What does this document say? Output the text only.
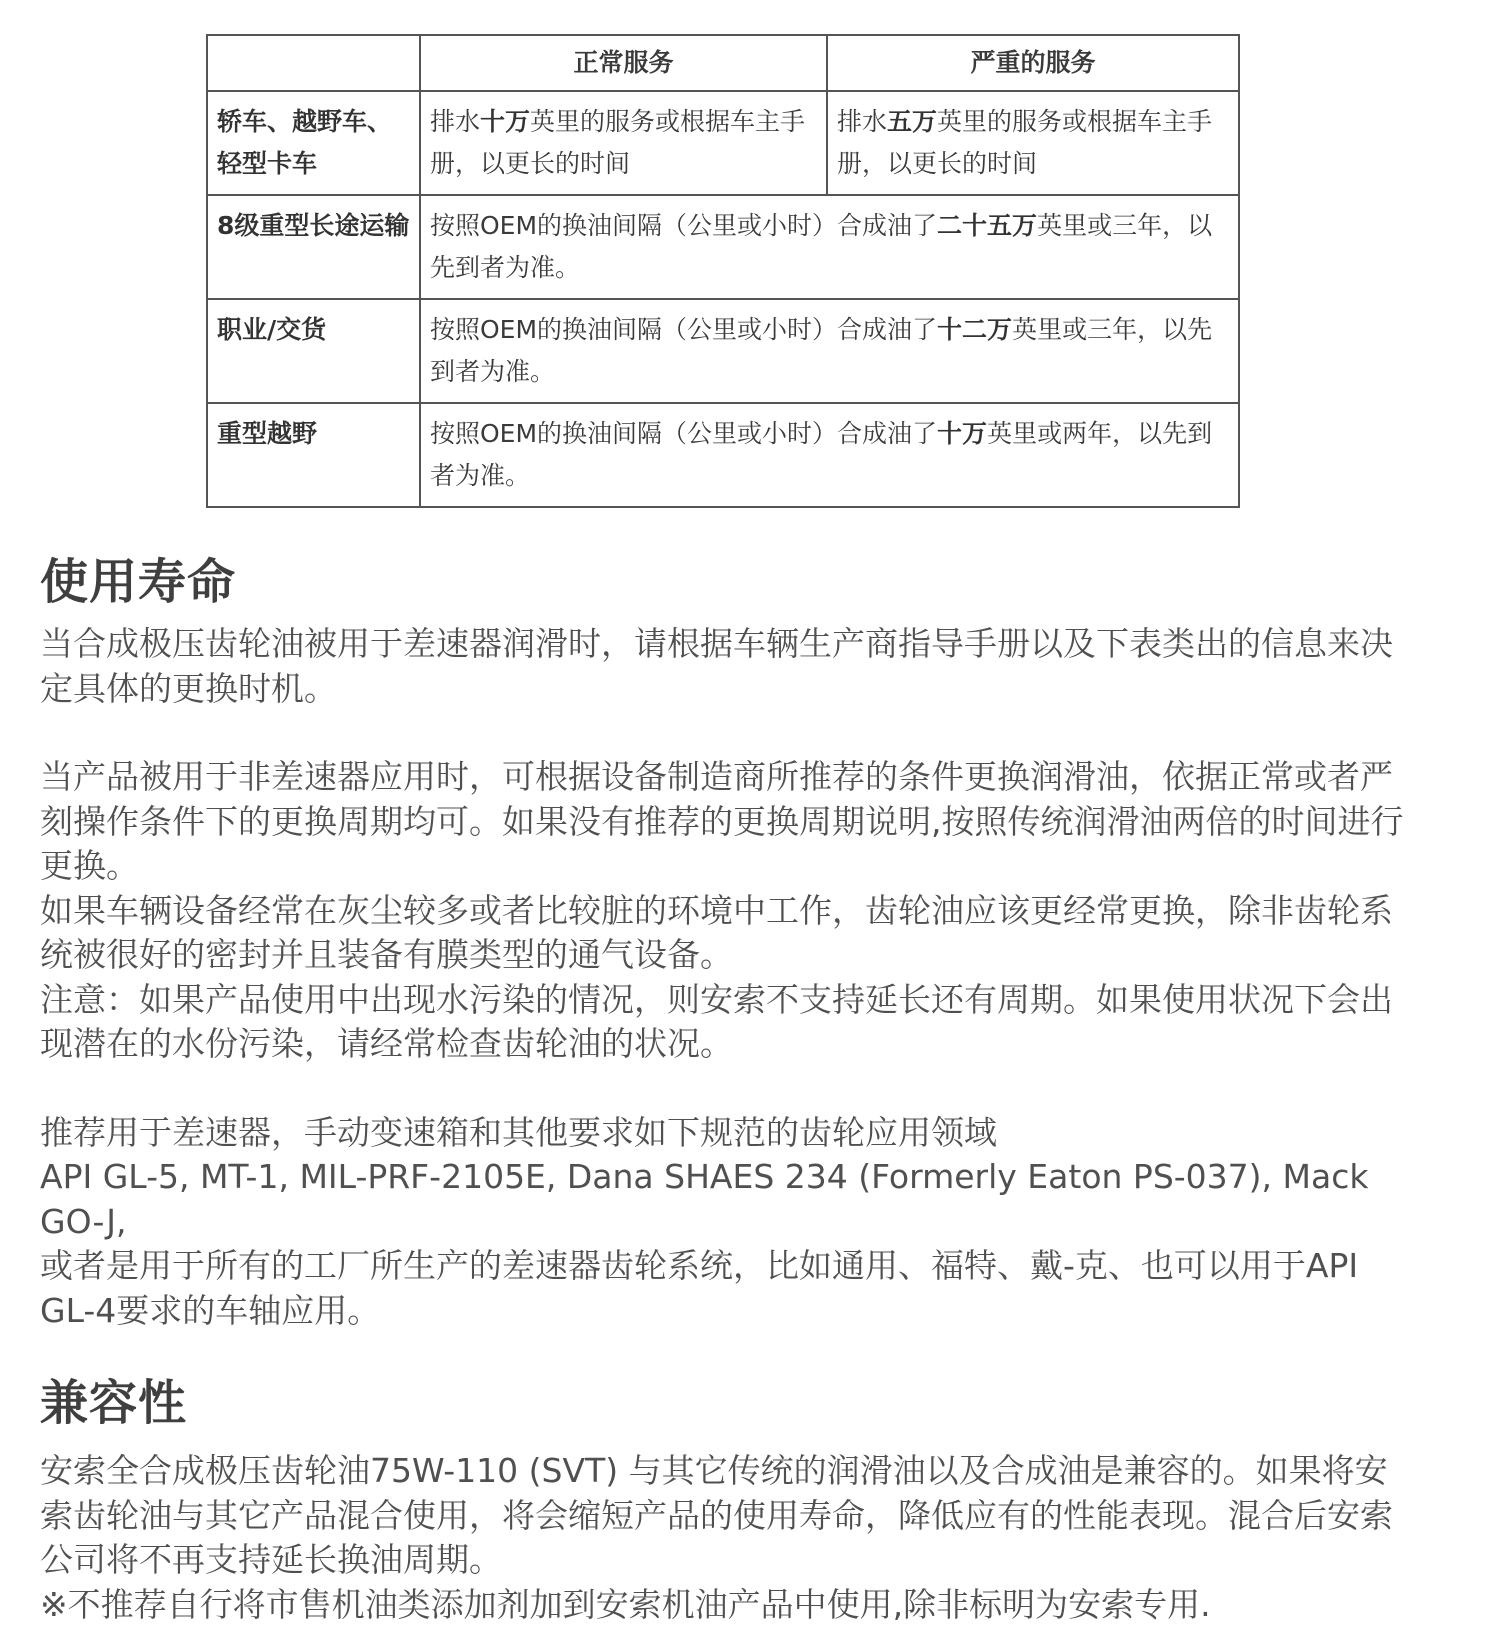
	正常服务	严重的服务
轿车、越野车、轻型卡车	排水十万英里的服务或根据车主手册，以更长的时间	排水五万英里的服务或根据车主手册，以更长的时间
8级重型长途运输	按照OEM的换油间隔（公里或小时）合成油了二十五万英里或三年，以先到者为准。	
职业/交货	按照OEM的换油间隔（公里或小时）合成油了十二万英里或三年，以先到者为准。	
重型越野	按照OEM的换油间隔（公里或小时）合成油了十万英里或两年，以先到者为准。	
使用寿命

当合成极压齿轮油被用于差速器润滑时，请根据车辆生产商指导手册以及下表类出的信息来决定具体的更换时机。

当产品被用于非差速器应用时，可根据设备制造商所推荐的条件更换润滑油，依据正常或者严刻操作条件下的更换周期均可。如果没有推荐的更换周期说明,按照传统润滑油两倍的时间进行更换。

如果车辆设备经常在灰尘较多或者比较脏的环境中工作，齿轮油应该更经常更换，除非齿轮系统被很好的密封并且装备有膜类型的通气设备。

注意：如果产品使用中出现水污染的情况，则安索不支持延长还有周期。如果使用状况下会出现潜在的水份污染，请经常检查齿轮油的状况。

推荐用于差速器，手动变速箱和其他要求如下规范的齿轮应用领域

API GL-5, MT-1, MIL-PRF-2105E, Dana SHAES 234 (Formerly Eaton PS-037), Mack GO-J,

或者是用于所有的工厂所生产的差速器齿轮系统，比如通用、福特、戴-克、也可以用于API GL-4要求的车轴应用。

兼容性

安索全合成极压齿轮油75W-110 (SVT) 与其它传统的润滑油以及合成油是兼容的。如果将安索齿轮油与其它产品混合使用，将会缩短产品的使用寿命，降低应有的性能表现。混合后安索公司将不再支持延长换油周期。

※不推荐自行将市售机油类添加剂加到安索机油产品中使用,除非标明为安索专用.
